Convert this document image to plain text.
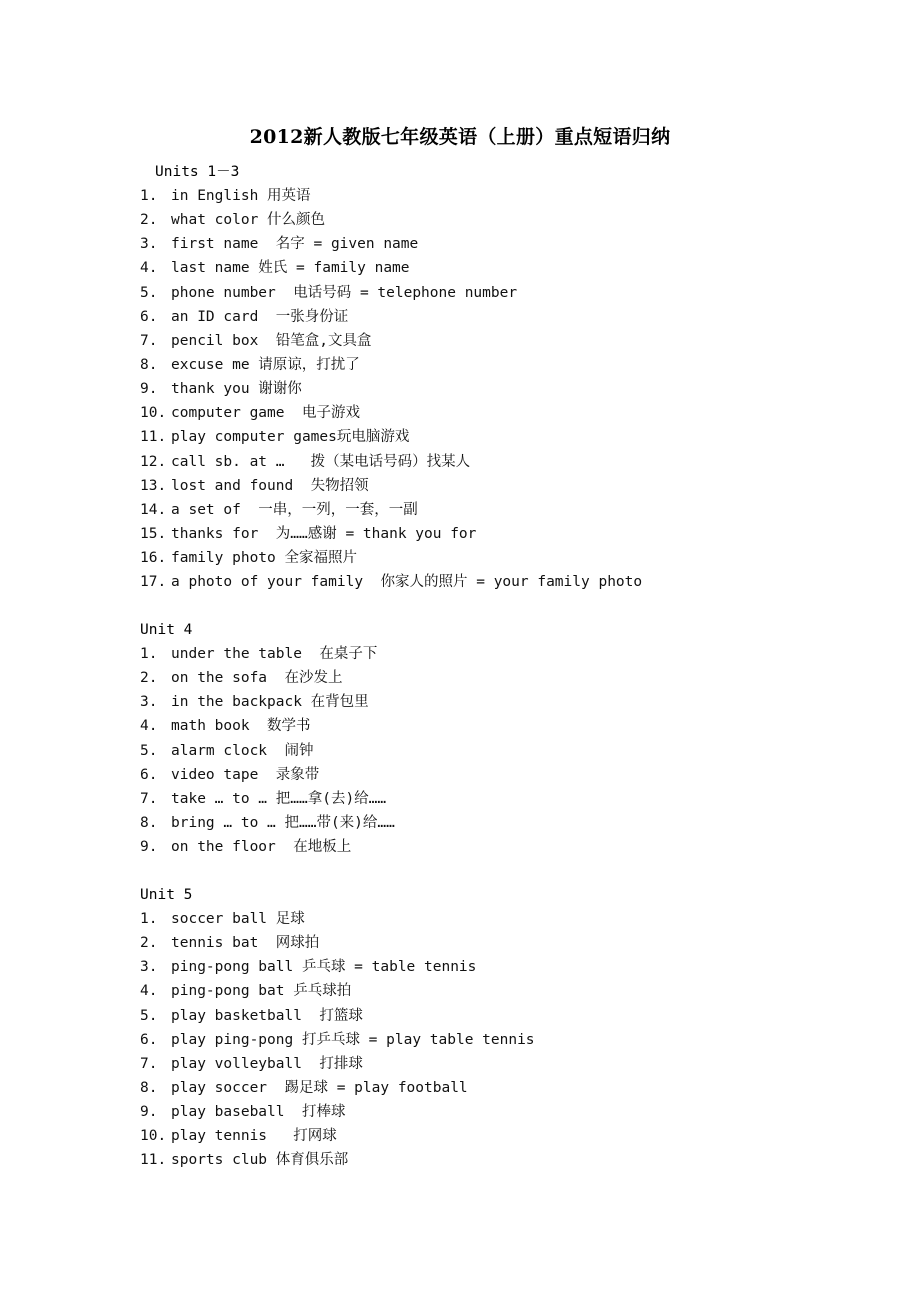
2012新人教版七年级英语（上册）重点短语归纳
Units 1－3
1. in English 用英语
2. what color 什么颜色
3. first name  名字 = given name
4. last name 姓氏 = family name
5. phone number  电话号码 = telephone number
6. an ID card  一张身份证
7. pencil box  铅笔盒,文具盒
8. excuse me 请原谅，打扰了
9. thank you 谢谢你
10. computer game  电子游戏
11. play computer games玩电脑游戏
12. call sb. at …   拨（某电话号码）找某人
13. lost and found  失物招领
14. a set of  一串，一列，一套，一副
15. thanks for  为……感谢 = thank you for
16. family photo 全家福照片
17. a photo of your family  你家人的照片 = your family photo
Unit 4
1. under the table  在桌子下
2. on the sofa  在沙发上
3. in the backpack 在背包里
4. math book  数学书
5. alarm clock  闹钟
6. video tape  录象带
7. take … to … 把……拿(去)给……
8. bring … to … 把……带(来)给……
9. on the floor  在地板上
Unit 5
1. soccer ball 足球
2. tennis bat  网球拍
3. ping-pong ball 乒乓球 = table tennis
4. ping-pong bat 乒乓球拍
5. play basketball  打篮球
6. play ping-pong 打乒乓球 = play table tennis
7. play volleyball  打排球
8. play soccer  踢足球 = play football
9. play baseball  打棒球
10. play tennis   打网球
11. sports club 体育俱乐部
